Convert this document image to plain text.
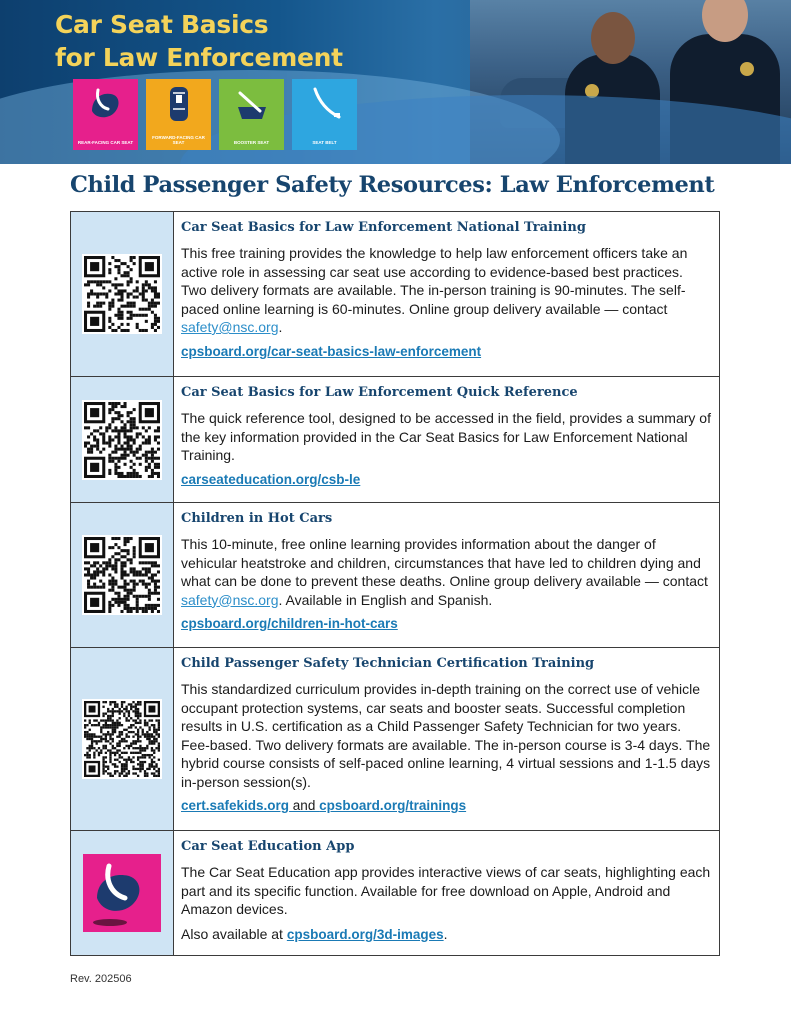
Car Seat Basics
for Law Enforcement
REAR-FACING CAR SEAT
FORWARD-FACING CAR SEAT	BOOSTER SEAT	SEAT BELT
Child Passenger Safety Resources: Law Enforcement
Car Seat Basics for Law Enforcement National Training

This free training provides the knowledge to help law enforcement officers take an active role in assessing car seat use according to evidence-based best practices. Two delivery formats are available. The in-person training is 90-minutes. The self-paced online learning is 60-minutes. Online group delivery available — contact safety@nsc.org.

cpsboard.org/car-seat-basics-law-enforcement
Car Seat Basics for Law Enforcement Quick Reference

The quick reference tool, designed to be accessed in the field, provides a summary of the key information provided in the Car Seat Basics for Law Enforcement National Training.

carseateducation.org/csb-le
Children in Hot Cars

This 10-minute, free online learning provides information about the danger of vehicular heatstroke and children, circumstances that have led to children dying and what can be done to prevent these deaths. Online group delivery available — contact safety@nsc.org. Available in English and Spanish.

cpsboard.org/children-in-hot-cars
Child Passenger Safety Technician Certification Training

This standardized curriculum provides in-depth training on the correct use of vehicle occupant protection systems, car seats and booster seats. Successful completion results in U.S. certification as a Child Passenger Safety Technician for two years. Fee-based. Two delivery formats are available. The in-person course is 3-4 days. The hybrid course consists of self-paced online learning, 4 virtual sessions and 1-1.5 days in-person session(s).

cert.safekids.org and cpsboard.org/trainings
Car Seat Education App

The Car Seat Education app provides interactive views of car seats, highlighting each part and its specific function. Available for free download on Apple, Android and Amazon devices.

Also available at cpsboard.org/3d-images.

Rev. 202506
